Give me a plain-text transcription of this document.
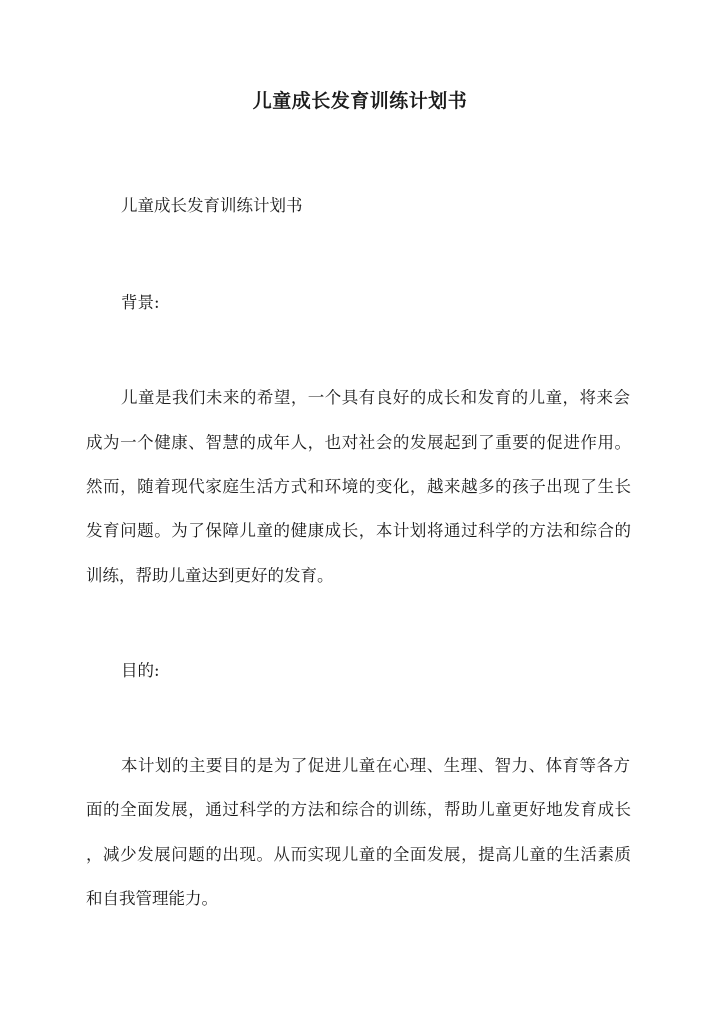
儿童成长发育训练计划书
儿童成长发育训练计划书
背景:
儿童是我们未来的希望，一个具有良好的成长和发育的儿童，将来会
成为一个健康、智慧的成年人，也对社会的发展起到了重要的促进作用。
然而，随着现代家庭生活方式和环境的变化，越来越多的孩子出现了生长
发育问题。为了保障儿童的健康成长，本计划将通过科学的方法和综合的
训练，帮助儿童达到更好的发育。
目的:
本计划的主要目的是为了促进儿童在心理、生理、智力、体育等各方
面的全面发展，通过科学的方法和综合的训练，帮助儿童更好地发育成长
，减少发展问题的出现。从而实现儿童的全面发展，提高儿童的生活素质
和自我管理能力。
